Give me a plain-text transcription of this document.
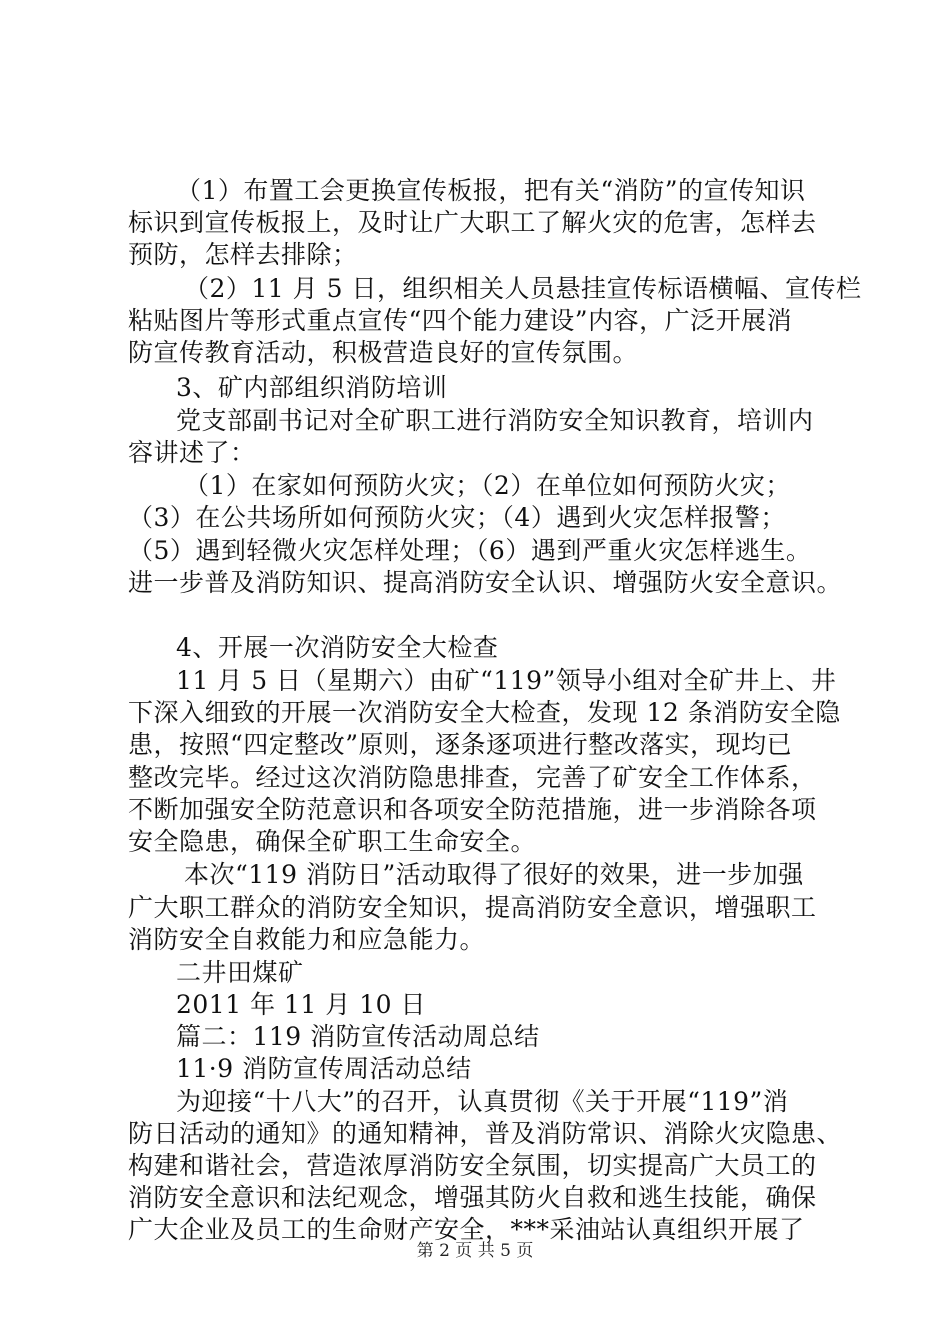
（1）布置工会更换宣传板报，把有关“消防”的宣传知识
标识到宣传板报上，及时让广大职工了解火灾的危害，怎样去
预防，怎样去排除；
（2）11 月 5 日，组织相关人员悬挂宣传标语横幅、宣传栏
粘贴图片等形式重点宣传“四个能力建设”内容，广泛开展消
防宣传教育活动，积极营造良好的宣传氛围。
3、矿内部组织消防培训
党支部副书记对全矿职工进行消防安全知识教育，培训内
容讲述了：
（1）在家如何预防火灾；（2）在单位如何预防火灾；
（3）在公共场所如何预防火灾；（4）遇到火灾怎样报警；
（5）遇到轻微火灾怎样处理；（6）遇到严重火灾怎样逃生。
进一步普及消防知识、提高消防安全认识、增强防火安全意识。
4、开展一次消防安全大检查
11 月 5 日（星期六）由矿“119”领导小组对全矿井上、井
下深入细致的开展一次消防安全大检查，发现 12 条消防安全隐
患，按照“四定整改”原则，逐条逐项进行整改落实，现均已
整改完毕。经过这次消防隐患排查，完善了矿安全工作体系，
不断加强安全防范意识和各项安全防范措施，进一步消除各项
安全隐患，确保全矿职工生命安全。
本次“119 消防日”活动取得了很好的效果，进一步加强
广大职工群众的消防安全知识，提高消防安全意识，增强职工
消防安全自救能力和应急能力。
二井田煤矿
2011 年 11 月 10 日
篇二：119 消防宣传活动周总结
11·9 消防宣传周活动总结
为迎接“十八大”的召开，认真贯彻《关于开展“119”消
防日活动的通知》的通知精神，普及消防常识、消除火灾隐患、
构建和谐社会，营造浓厚消防安全氛围，切实提高广大员工的
消防安全意识和法纪观念，增强其防火自救和逃生技能，确保
广大企业及员工的生命财产安全，***采油站认真组织开展了
第 2 页 共 5 页
